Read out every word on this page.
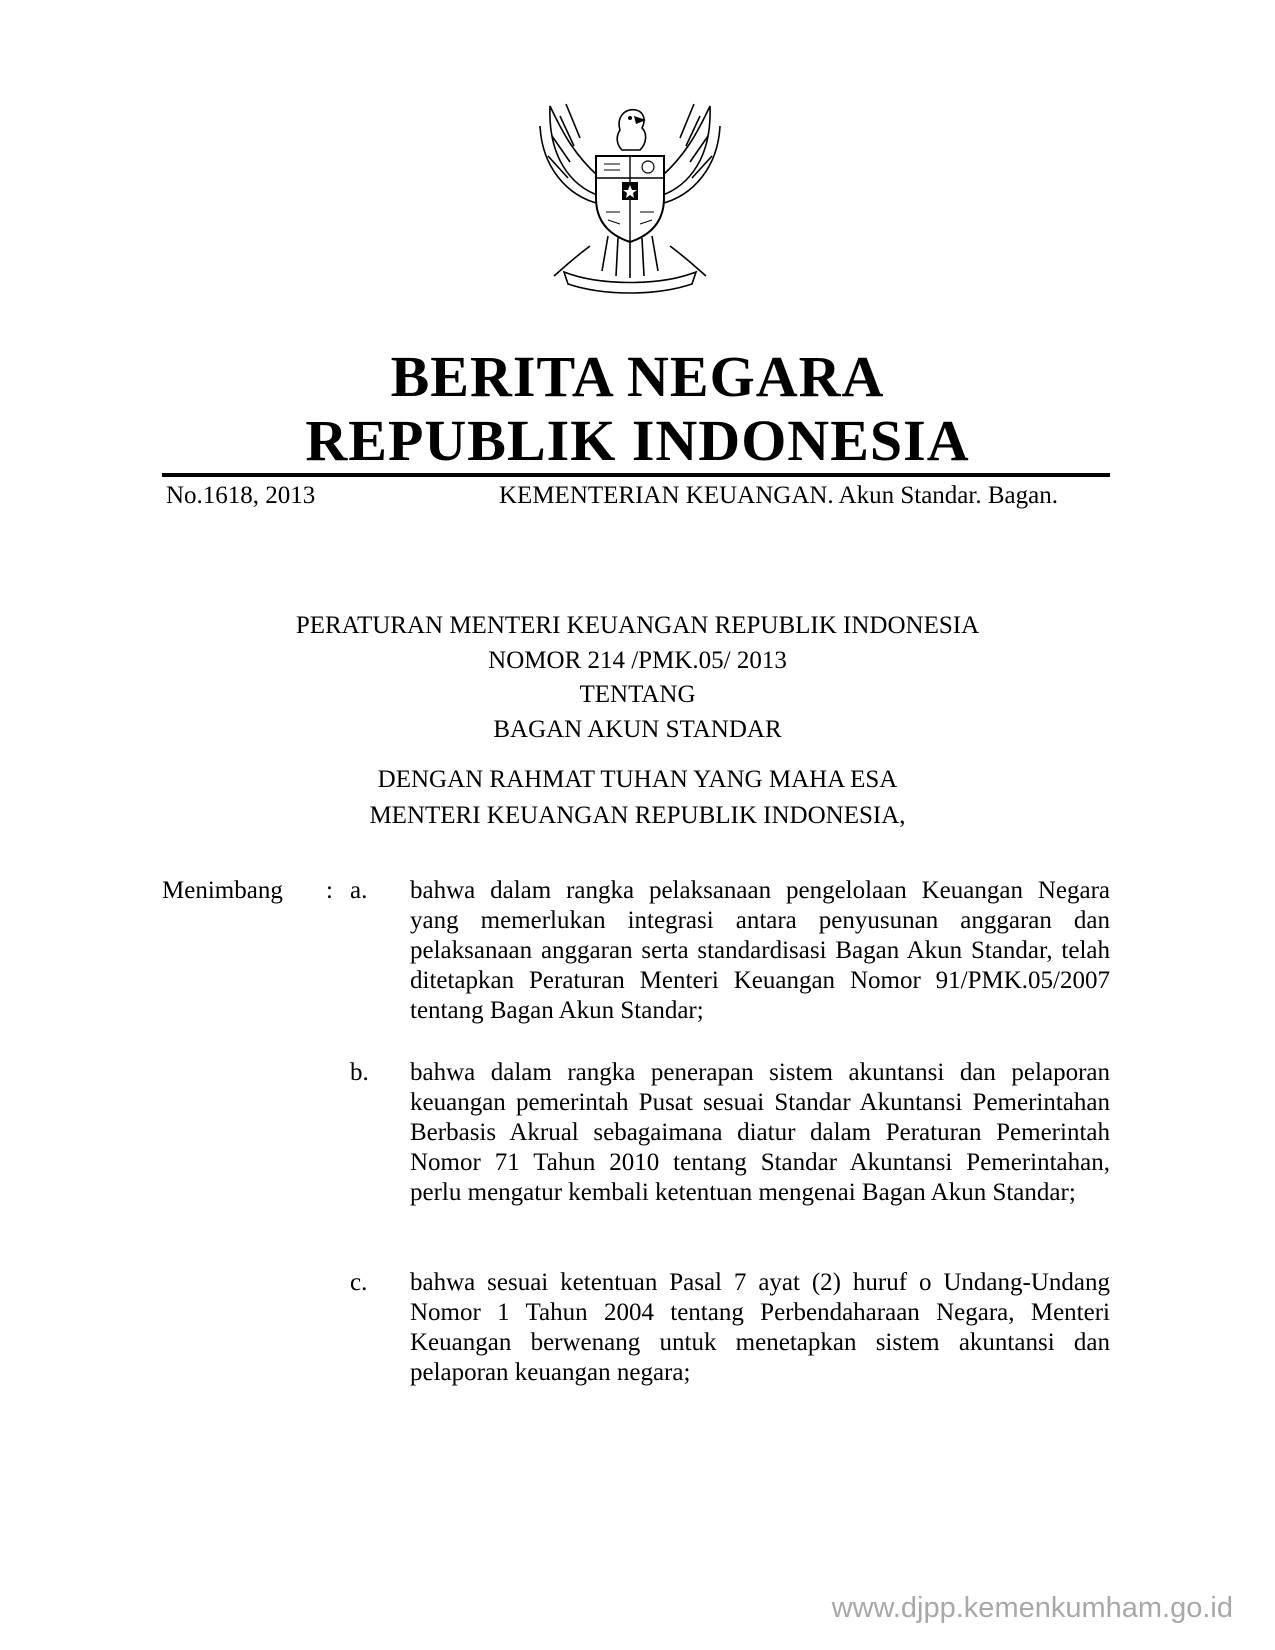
BERITA NEGARA
REPUBLIK INDONESIA
No.1618, 2013	KEMENTERIAN KEUANGAN. Akun Standar. Bagan.
PERATURAN MENTERI KEUANGAN REPUBLIK INDONESIA
NOMOR 214 /PMK.05/ 2013
TENTANG
BAGAN AKUN STANDAR
DENGAN RAHMAT TUHAN YANG MAHA ESA
MENTERI KEUANGAN REPUBLIK INDONESIA,
Menimbang : a. bahwa dalam rangka pelaksanaan pengelolaan Keuangan Negara yang memerlukan integrasi antara penyusunan anggaran dan pelaksanaan anggaran serta standardisasi Bagan Akun Standar, telah ditetapkan Peraturan Menteri Keuangan Nomor 91/PMK.05/2007 tentang Bagan Akun Standar;
b. bahwa dalam rangka penerapan sistem akuntansi dan pelaporan keuangan pemerintah Pusat sesuai Standar Akuntansi Pemerintahan Berbasis Akrual sebagaimana diatur dalam Peraturan Pemerintah Nomor 71 Tahun 2010 tentang Standar Akuntansi Pemerintahan, perlu mengatur kembali ketentuan mengenai Bagan Akun Standar;
c. bahwa sesuai ketentuan Pasal 7 ayat (2) huruf o Undang-Undang Nomor 1 Tahun 2004 tentang Perbendaharaan Negara, Menteri Keuangan berwenang untuk menetapkan sistem akuntansi dan pelaporan keuangan negara;
www.djpp.kemenkumham.go.id
